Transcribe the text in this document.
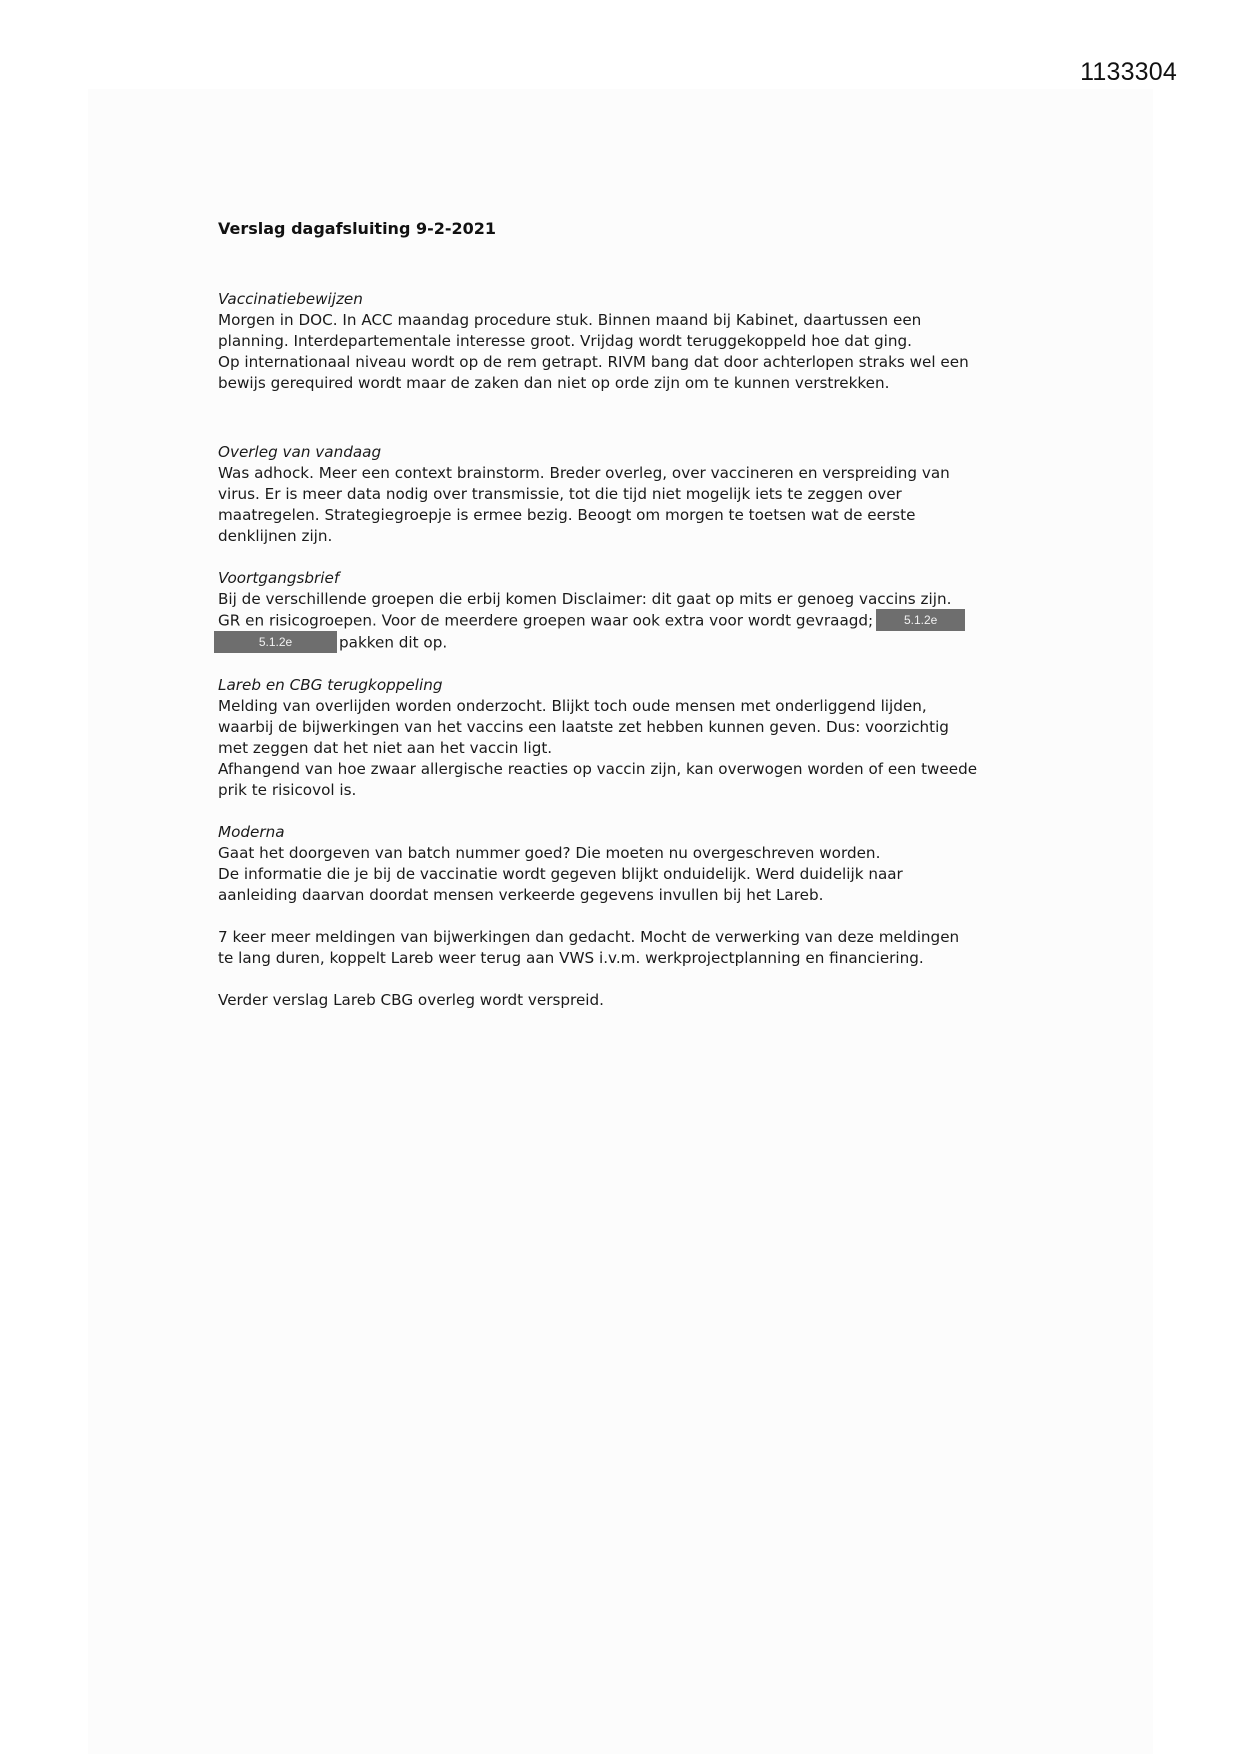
1133304

Verslag dagafsluiting 9-2-2021

Vaccinatiebewijzen

Morgen in DOC. In ACC maandag procedure stuk. Binnen maand bij Kabinet, daartussen een

planning. Interdepartementale interesse groot. Vrijdag wordt teruggekoppeld hoe dat ging.

Op internationaal niveau wordt op de rem getrapt. RIVM bang dat door achterlopen straks wel een

bewijs gerequired wordt maar de zaken dan niet op orde zijn om te kunnen verstrekken.

Overleg van vandaag

Was adhock. Meer een context brainstorm. Breder overleg, over vaccineren en verspreiding van

virus. Er is meer data nodig over transmissie, tot die tijd niet mogelijk iets te zeggen over

maatregelen. Strategiegroepje is ermee bezig. Beoogt om morgen te toetsen wat de eerste

denklijnen zijn.

Voortgangsbrief

Bij de verschillende groepen die erbij komen Disclaimer: dit gaat op mits er genoeg vaccins zijn.

GR en risicogroepen. Voor de meerdere groepen waar ook extra voor wordt gevraagd;	5.1.2e

5.1.2e	pakken dit op.

Lareb en CBG terugkoppeling

Melding van overlijden worden onderzocht. Blijkt toch oude mensen met onderliggend lijden,

waarbij de bijwerkingen van het vaccins een laatste zet hebben kunnen geven. Dus: voorzichtig

met zeggen dat het niet aan het vaccin ligt.

Afhangend van hoe zwaar allergische reacties op vaccin zijn, kan overwogen worden of een tweede

prik te risicovol is.

Moderna

Gaat het doorgeven van batch nummer goed? Die moeten nu overgeschreven worden.

De informatie die je bij de vaccinatie wordt gegeven blijkt onduidelijk. Werd duidelijk naar

aanleiding daarvan doordat mensen verkeerde gegevens invullen bij het Lareb.

7 keer meer meldingen van bijwerkingen dan gedacht. Mocht de verwerking van deze meldingen

te lang duren, koppelt Lareb weer terug aan VWS i.v.m. werkprojectplanning en financiering.

Verder verslag Lareb CBG overleg wordt verspreid.
